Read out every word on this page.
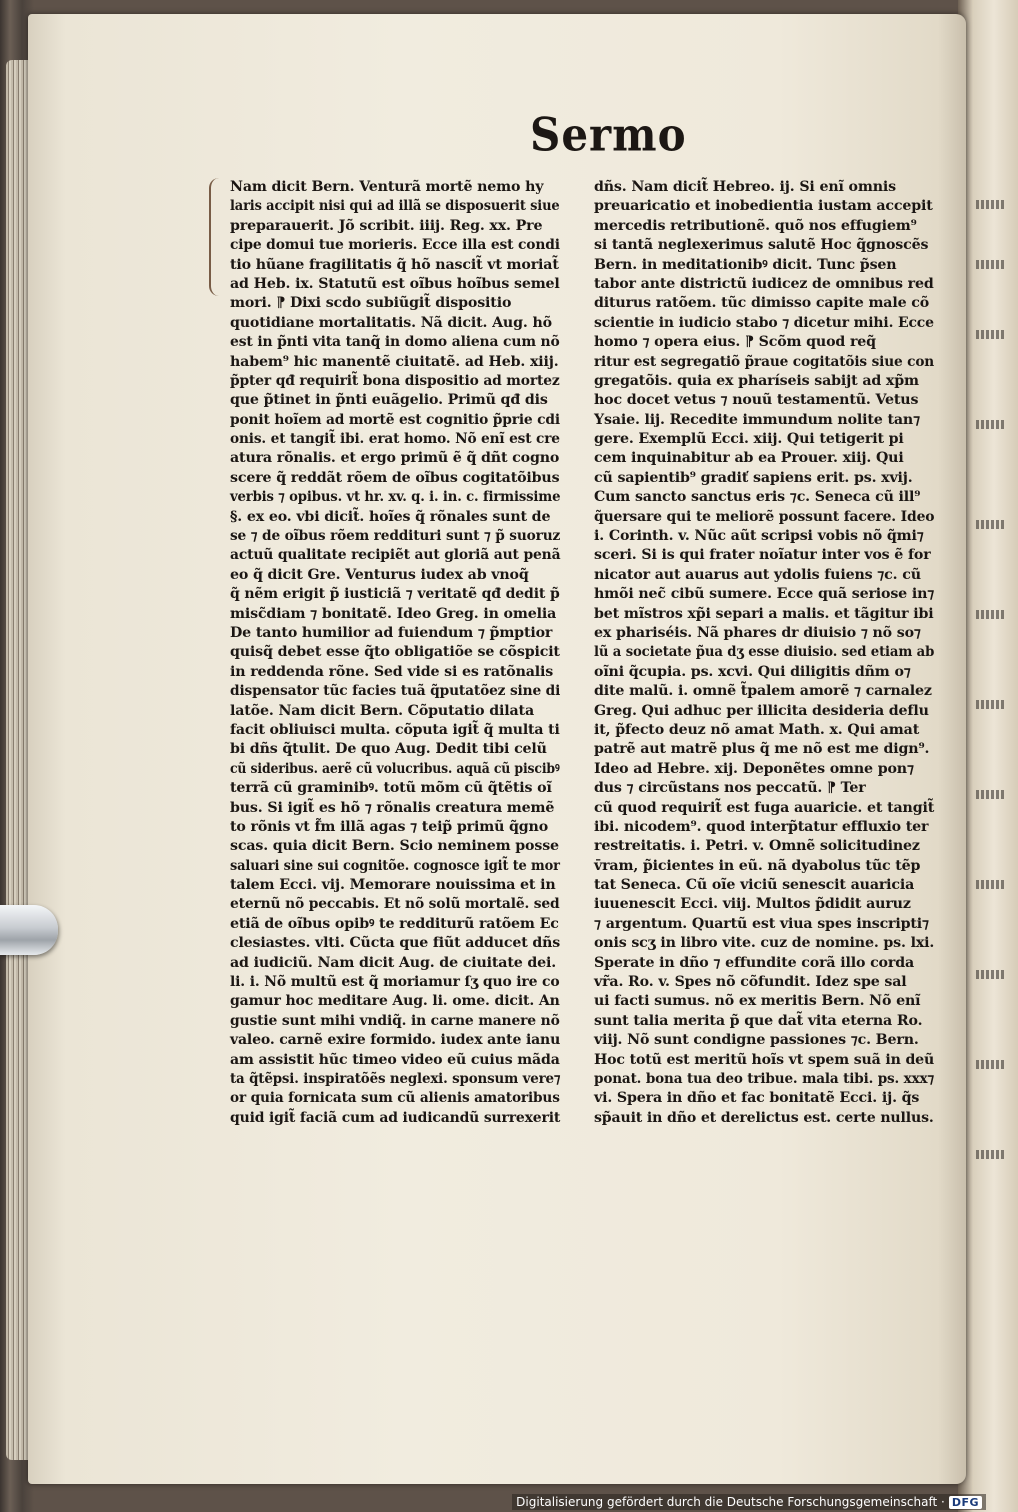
Sermo
Nam dicit Bern. Venturã mortẽ nemo hy
laris accipit nisi qui ad illã se disposuerit siue
preparauerit. Jõ scribit. iiij. Reg. xx. Pre
cipe domui tue morieris. Ecce illa est condi
tio hũane fragilitatis q̃ hõ nascit̃ vt moriat̃
ad Heb. ix. Statutũ est oĩbus hoĩbus semel
mori. ⁋ Dixi scdo subiũgit̃ dispositio
quotidiane mortalitatis. Nã dicit. Aug. hõ
est in p̃nti vita tanq̃ in domo aliena cum nõ
habem⁹ hic manentẽ ciuitatẽ. ad Heb. xiij.
p̃pter qđ requirit̃ bona dispositio ad mortez
que p̃tinet in p̃nti euãgelio. Primũ qđ dis
ponit hoĩem ad mortẽ est cognitio p̃prie cdi
onis. et tangit̃ ibi. erat homo. Nõ enĩ est cre
atura rõnalis. et ergo primũ ẽ q̃ dñt cogno
scere q̃ reddãt rõem de oĩbus cogitatõibus
verbis ⁊ opibus. vt hr. xv. q. i. in. c. firmissime
§. ex eo. vbi dicit̃. hoĩes q̃ rõnales sunt de
se ⁊ de oĩbus rõem reddituri sunt ⁊ p̃ suoruz
actuũ qualitate recipiẽt aut gloriã aut penã
eo q̃ dicit Gre. Venturus iudex ab vnoq̃
q̃ nẽm erigit p̃ iusticiã ⁊ veritatẽ qđ dedit p̃
misc̃diam ⁊ bonitatẽ. Ideo Greg. in omelia
De tanto humilior ad fuiendum ⁊ p̃mptior
quisq̃ debet esse q̃to obligatiõe se cõspicit
in reddenda rõne. Sed vide si es ratõnalis
dispensator tũc facies tuã q̃putatõez sine di
latõe. Nam dicit Bern. Cõputatio dilata
facit obliuisci multa. cõputa igit̃ q̃ multa ti
bi dñs q̃tulit. De quo Aug. Dedit tibi celũ
cũ sideribus. aerẽ cũ volucribus. aquã cũ piscibꝰ
terrã cũ graminibꝰ. totũ mõm cũ q̃tẽtis oĩ
bus. Si igit̃ es hõ ⁊ rõnalis creatura memẽ
to rõnis vt f̃m illã agas ⁊ teip̃ primũ q̃gno
scas. quia dicit Bern. Scio neminem posse
saluari sine sui cognitõe. cognosce igit̃ te mor
talem Ecci. vij. Memorare nouissima et in
eternũ nõ peccabis. Et nõ solũ mortalẽ. sed
etiã de oĩbus opibꝰ te redditurũ ratõem Ec
clesiastes. vlti. Cũcta que fiũt adducet dñs
ad iudiciũ. Nam dicit Aug. de ciuitate dei.
li. i. Nõ multũ est q̃ moriamur ſʒ quo ire co
gamur hoc meditare Aug. li. ome. dicit. An
gustie sunt mihi vndiq̃. in carne manere nõ
valeo. carnẽ exire formido. iudex ante ianu
am assistit hũc timeo video eũ cuius mãda
ta q̃tẽpsi. inspiratõẽs neglexi. sponsum vere⁊
or quia fornicata sum cũ alienis amatoribus
quid igit̃ faciã cum ad iudicandũ surrexerit
dñs. Nam dicit̃ Hebreo. ij. Si enĩ omnis
preuaricatio et inobedientia iustam accepit
mercedis retributionẽ. quõ nos effugiem⁹
si tantã neglexerimus salutẽ Hoc q̃gnoscẽs
Bern. in meditationibꝰ dicit. Tunc p̃sen
tabor ante districtũ iudicez de omnibus red
diturus ratõem. tũc dimisso capite male cõ
scientie in iudicio stabo ⁊ dicetur mihi. Ecce
homo ⁊ opera eius. ⁋ Scõm quod req̃
ritur est segregatiõ p̃raue cogitatõis siue con
gregatõis. quia ex pharíseis sabijt ad xp̃m
hoc docet vetus ⁊ nouũ testamentũ. Vetus
Ysaie. lij. Recedite immundum nolite tan⁊
gere. Exemplũ Ecci. xiij. Qui tetigerit pi
cem inquinabitur ab ea Prouer. xiij. Qui
cũ sapientib⁹ gradiť sapiens erit. ps. xvij.
Cum sancto sanctus eris ⁊c. Seneca cũ ill⁹
q̃uersare qui te meliorẽ possunt facere. Ideo
i. Corinth. v. Nũc aũt scripsi vobis nõ q̃mi⁊
sceri. Si is qui frater noĩatur inter vos ẽ for
nicator aut auarus aut ydolis fuiens ⁊c. cũ
hmõi nec̃ cibũ sumere. Ecce quã seriose in⁊
bet mĩstros xp̃i separi a malis. et tãgitur ibi
ex phariséis. Nã phares dr diuisio ⁊ nõ so⁊
lũ a societate p̃ua dʒ esse diuisio. sed etiam ab
oĩni q̃cupia. ps. xcvi. Qui diligitis dñm o⁊
dite malũ. i. omnẽ t̃palem amorẽ ⁊ carnalez
Greg. Qui adhuc per illicita desideria deflu
it, p̃fecto deuz nõ amat Math. x. Qui amat
patrẽ aut matrẽ plus q̃ me nõ est me dign⁹.
Ideo ad Hebre. xij. Deponẽtes omne pon⁊
dus ⁊ circũstans nos peccatũ. ⁋ Ter
cũ quod requirit̃ est fuga auaricie. et tangit̃
ibi. nicodem⁹. quod interp̃tatur effluxio ter
restreitatis. i. Petri. v. Omnẽ solicitudinez
v̄ram, p̃icientes in eũ. nã dyabolus tũc tẽp
tat Seneca. Cũ oĩe viciũ senescit auaricia
iuuenescit Ecci. viij. Multos p̃didit auruz
⁊ argentum. Quartũ est viua spes inscripti⁊
onis scʒ in libro vite. cuz de nomine. ps. lxi.
Sperate in dño ⁊ effundite corã illo corda
vr̃a. Ro. v. Spes nõ cõfundit. Idez spe sal
ui facti sumus. nõ ex meritis Bern. Nõ enĩ
sunt talia merita p̃ que dat̃ vita eterna Ro.
viij. Nõ sunt condigne passiones ⁊c. Bern.
Hoc totũ est meritũ hoĩs vt spem suã in deũ
ponat. bona tua deo tribue. mala tibi. ps. xxx⁊
vi. Spera in dño et fac bonitatẽ Ecci. ij. q̃s
sp̃auit in dño et derelictus est. certe nullus.
Digitalisierung gefördert durch die Deutsche Forschungsgemeinschaft · DFG
